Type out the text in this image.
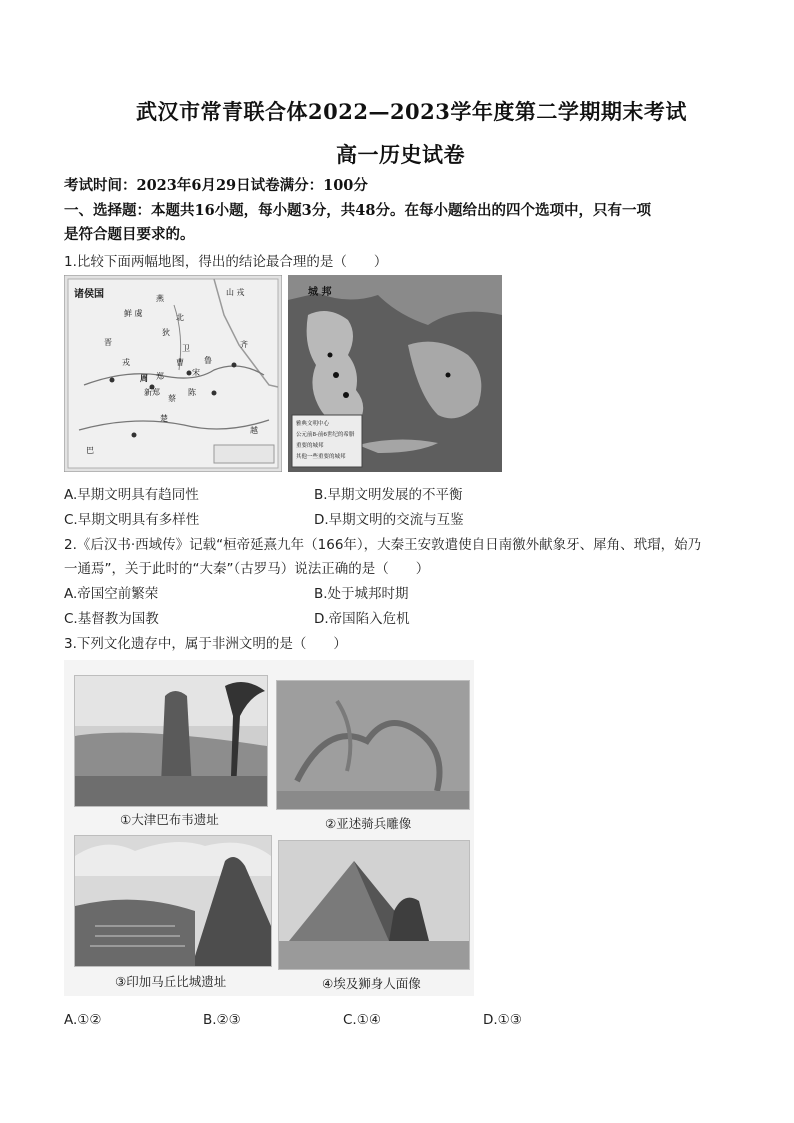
武汉市常青联合体2022—2023学年度第二学期期末考试
高一历史试卷
考试时间：2023年6月29日试卷满分：100分
一、选择题：本题共16小题，每小题3分，共48分。在每小题给出的四个选项中，只有一项
是符合题目要求的。
1.比较下面两幅地图，得出的结论最合理的是（　　）
诸侯国	山 戎
燕
鲜 虞	北
狄
晋
卫
戎	鲁
齐
宋
曹
郑
周
新郑
蔡
陈
楚
巴
越
城 邦
雅典文明中心
公元前8-前6世纪的希腊
重要的城邦
其他一些重要的城邦
A.早期文明具有趋同性	B.早期文明发展的不平衡
C.早期文明具有多样性	D.早期文明的交流与互鉴
2.《后汉书·西域传》记载“桓帝延熹九年（166年），大秦王安敦遣使自日南徼外献象牙、犀角、玳瑁，始乃
一通焉”，关于此时的“大秦”（古罗马）说法正确的是（　　）
A.帝国空前繁荣	B.处于城邦时期
C.基督教为国教	D.帝国陷入危机
3.下列文化遗存中，属于非洲文明的是（　　）
①大津巴布韦遗址	②亚述骑兵雕像
③印加马丘比城遗址	④埃及狮身人面像
A.①②	B.②③	C.①④	D.①③
